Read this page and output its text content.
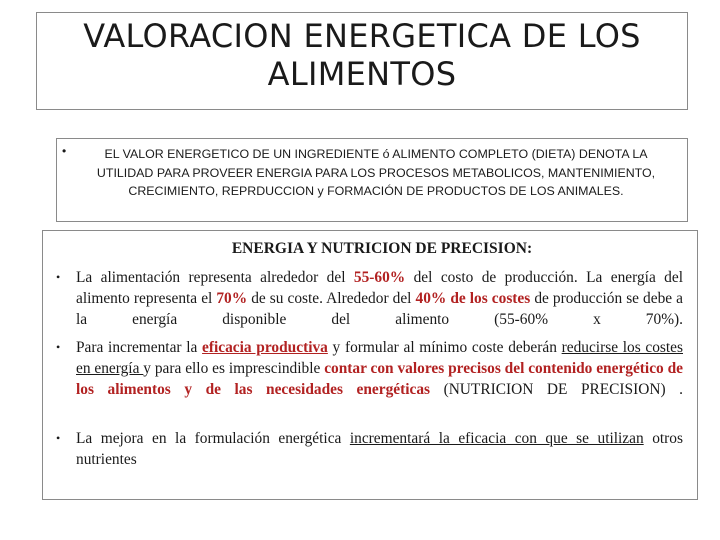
VALORACION ENERGETICA DE LOS ALIMENTOS
EL VALOR ENERGETICO DE UN INGREDIENTE ó ALIMENTO COMPLETO (DIETA) DENOTA LA UTILIDAD PARA PROVEER ENERGIA PARA LOS PROCESOS METABOLICOS, MANTENIMIENTO, CRECIMIENTO, REPRDUCCION y FORMACIÓN DE PRODUCTOS DE LOS ANIMALES.
•
ENERGIA Y NUTRICION DE PRECISION:
• La alimentación representa alrededor del 55-60% del costo de producción. La energía del alimento representa el 70% de su coste. Alrededor del 40% de los costes de producción se debe a la energía disponible del alimento (55-60% x 70%).
• Para incrementar la eficacia productiva y formular al mínimo coste deberán reducirse los costes en energía y para ello es imprescindible contar con valores precisos del contenido energético de los alimentos y de las necesidades energéticas (NUTRICION DE PRECISION) .
• La mejora en la formulación energética incrementará la eficacia con que se utilizan otros nutrientes
